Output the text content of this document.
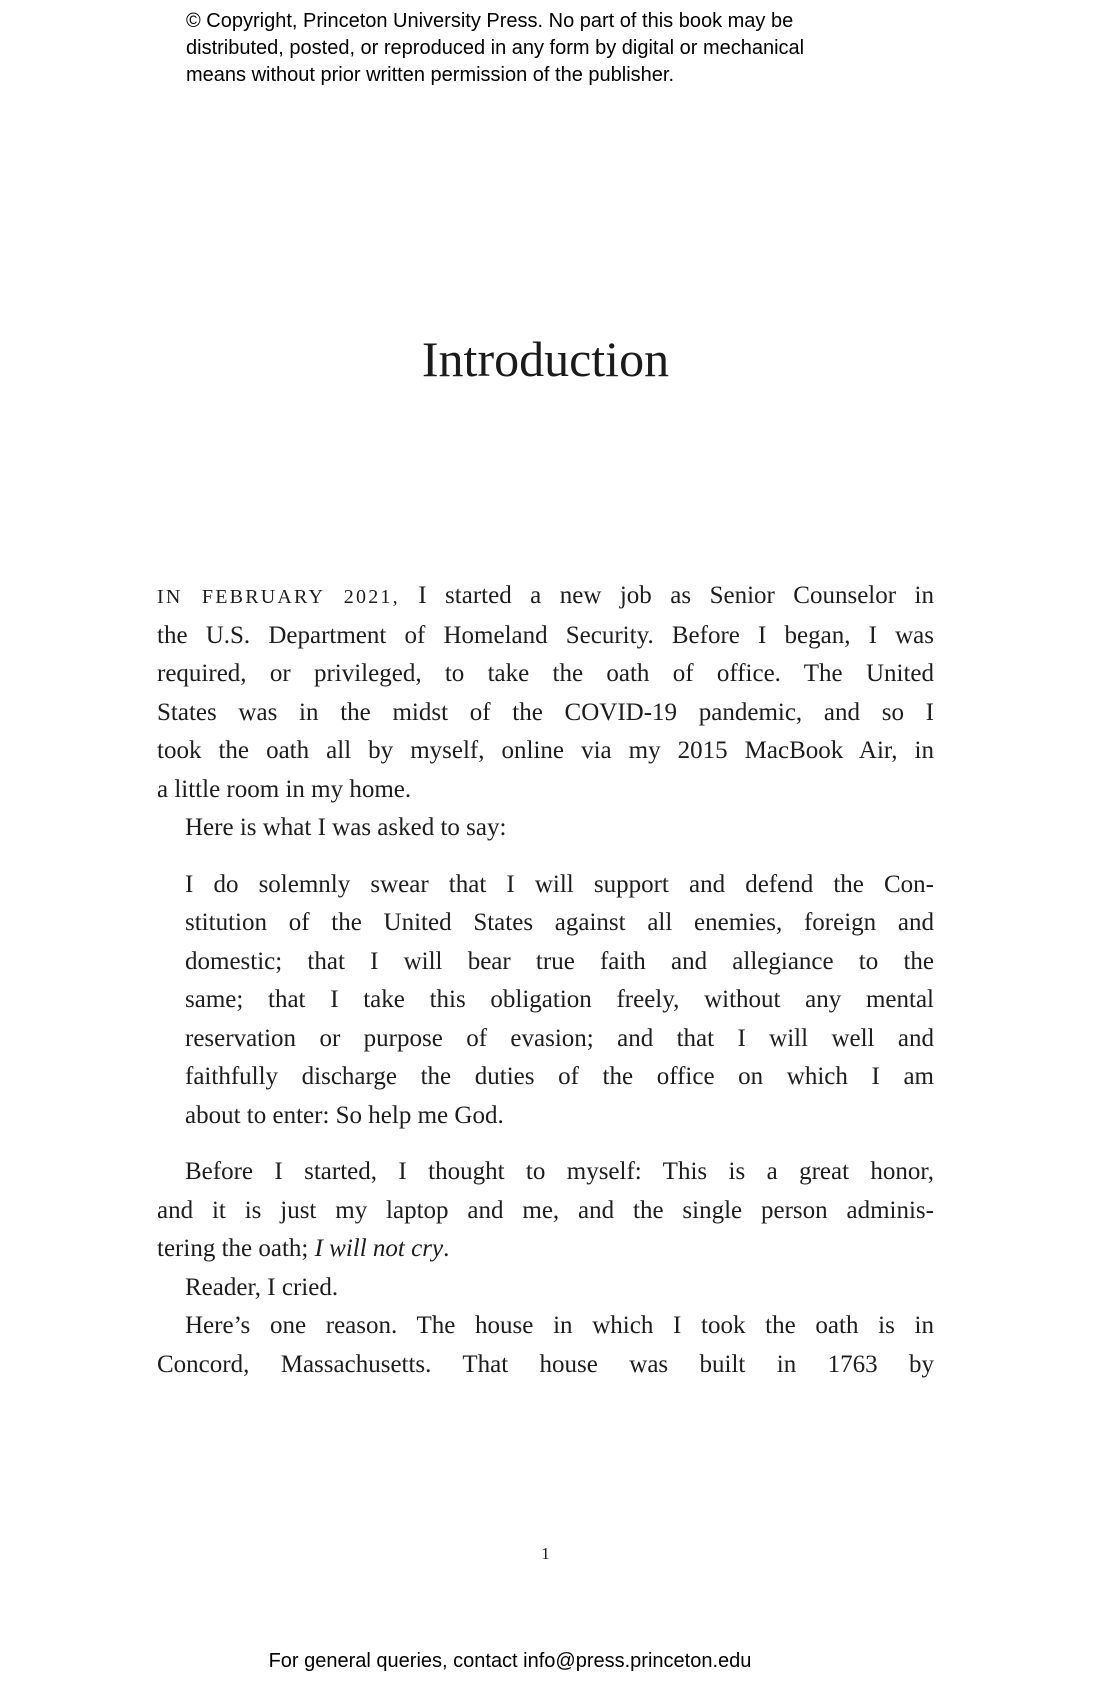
© Copyright, Princeton University Press. No part of this book may be
distributed, posted, or reproduced in any form by digital or mechanical
means without prior written permission of the publisher.
Introduction
IN FEBRUARY 2021, I started a new job as Senior Counselor in
the U.S. Department of Homeland Security. Before I began, I was
required, or privileged, to take the oath of office. The United
States was in the midst of the COVID-19 pandemic, and so I
took the oath all by myself, online via my 2015 MacBook Air, in
a little room in my home.
Here is what I was asked to say:
I do solemnly swear that I will support and defend the Con-
stitution of the United States against all enemies, foreign and
domestic; that I will bear true faith and allegiance to the
same; that I take this obligation freely, without any mental
reservation or purpose of evasion; and that I will well and
faithfully discharge the duties of the office on which I am
about to enter: So help me God.
Before I started, I thought to myself: This is a great honor,
and it is just my laptop and me, and the single person adminis-
tering the oath; I will not cry.
Reader, I cried.
Here’s one reason. The house in which I took the oath is in
Concord, Massachusetts. That house was built in 1763 by
1
For general queries, contact info@press.princeton.edu
